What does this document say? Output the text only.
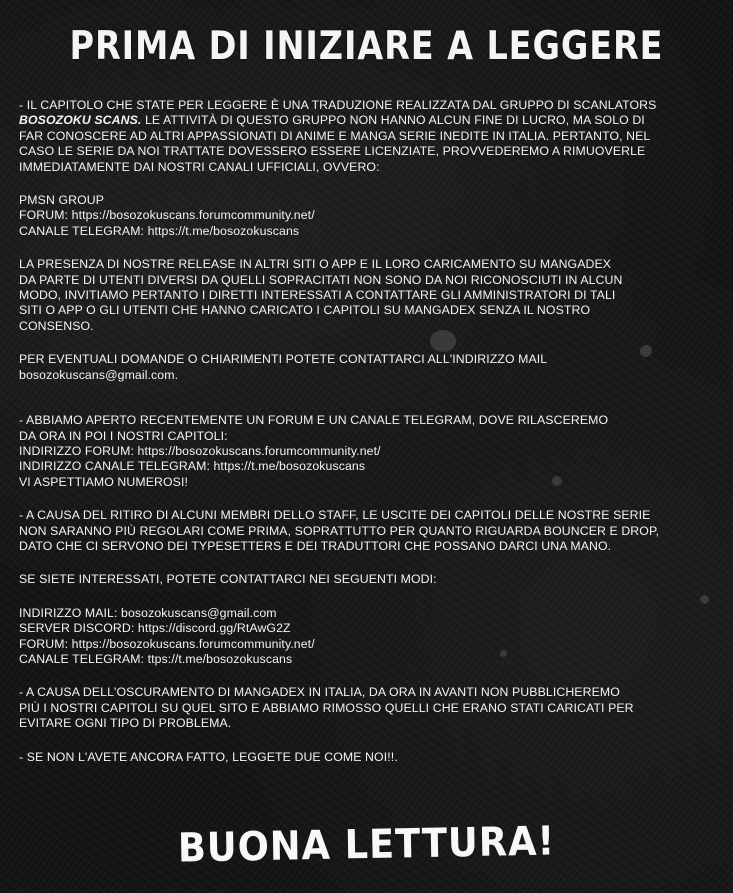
PRIMA DI INIZIARE A LEGGERE

- IL CAPITOLO CHE STATE PER LEGGERE È UNA TRADUZIONE REALIZZATA DAL GRUPPO DI SCANLATORS

BOSOZOKU SCANS. LE ATTIVITÀ DI QUESTO GRUPPO NON HANNO ALCUN FINE DI LUCRO, MA SOLO DI

FAR CONOSCERE AD ALTRI APPASSIONATI DI ANIME E MANGA SERIE INEDITE IN ITALIA. PERTANTO, NEL

CASO LE SERIE DA NOI TRATTATE DOVESSERO ESSERE LICENZIATE, PROVVEDEREMO A RIMUOVERLE

IMMEDIATAMENTE DAI NOSTRI CANALI UFFICIALI, OVVERO:

PMSN GROUP

FORUM: https://bosozokuscans.forumcommunity.net/

CANALE TELEGRAM: https://t.me/bosozokuscans

LA PRESENZA DI NOSTRE RELEASE IN ALTRI SITI O APP E IL LORO CARICAMENTO SU MANGADEX

DA PARTE DI UTENTI DIVERSI DA QUELLI SOPRACITATI NON SONO DA NOI RICONOSCIUTI IN ALCUN

MODO, INVITIAMO PERTANTO I DIRETTI INTERESSATI A CONTATTARE GLI AMMINISTRATORI DI TALI

SITI O APP O GLI UTENTI CHE HANNO CARICATO I CAPITOLI SU MANGADEX SENZA IL NOSTRO

CONSENSO.

PER EVENTUALI DOMANDE O CHIARIMENTI POTETE CONTATTARCI ALL'INDIRIZZO MAIL

bosozokuscans@gmail.com.

- ABBIAMO APERTO RECENTEMENTE UN FORUM E UN CANALE TELEGRAM, DOVE RILASCEREMO

DA ORA IN POI I NOSTRI CAPITOLI:

INDIRIZZO FORUM: https://bosozokuscans.forumcommunity.net/

INDIRIZZO CANALE TELEGRAM: https://t.me/bosozokuscans

VI ASPETTIAMO NUMEROSI!

- A CAUSA DEL RITIRO DI ALCUNI MEMBRI DELLO STAFF, LE USCITE DEI CAPITOLI DELLE NOSTRE SERIE

NON SARANNO PIÙ REGOLARI COME PRIMA, SOPRATTUTTO PER QUANTO RIGUARDA BOUNCER E DROP,

DATO CHE CI SERVONO DEI TYPESETTERS E DEI TRADUTTORI CHE POSSANO DARCI UNA MANO.

SE SIETE INTERESSATI, POTETE CONTATTARCI NEI SEGUENTI MODI:

INDIRIZZO MAIL: bosozokuscans@gmail.com

SERVER DISCORD: https://discord.gg/RtAwG2Z

FORUM: https://bosozokuscans.forumcommunity.net/

CANALE TELEGRAM: ttps://t.me/bosozokuscans

- A CAUSA DELL'OSCURAMENTO DI MANGADEX IN ITALIA, DA ORA IN AVANTI NON PUBBLICHEREMO

PIÙ I NOSTRI CAPITOLI SU QUEL SITO E ABBIAMO RIMOSSO QUELLI CHE ERANO STATI CARICATI PER

EVITARE OGNI TIPO DI PROBLEMA.

- SE NON L'AVETE ANCORA FATTO, LEGGETE DUE COME NOI!!.

BUONA LETTURA!
